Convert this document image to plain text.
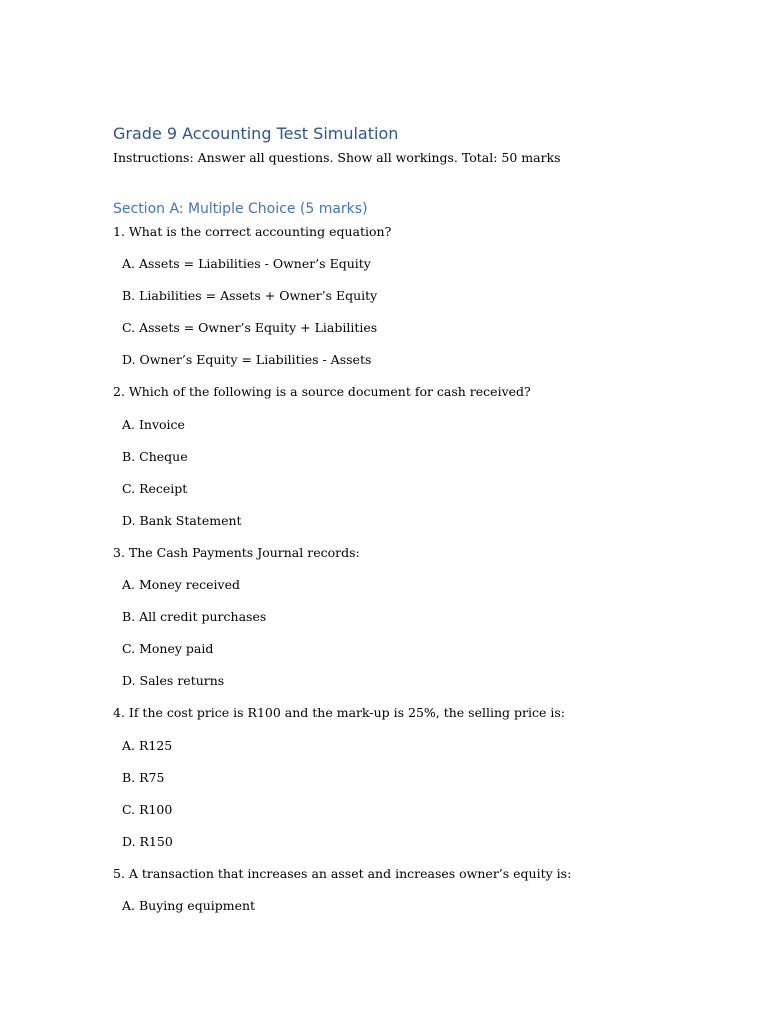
Grade 9 Accounting Test Simulation
Instructions: Answer all questions. Show all workings. Total: 50 marks
Section A: Multiple Choice (5 marks)
1. What is the correct accounting equation?
A. Assets = Liabilities - Owner’s Equity
B. Liabilities = Assets + Owner’s Equity
C. Assets = Owner’s Equity + Liabilities
D. Owner’s Equity = Liabilities - Assets
2. Which of the following is a source document for cash received?
A. Invoice
B. Cheque
C. Receipt
D. Bank Statement
3. The Cash Payments Journal records:
A. Money received
B. All credit purchases
C. Money paid
D. Sales returns
4. If the cost price is R100 and the mark-up is 25%, the selling price is:
A. R125
B. R75
C. R100
D. R150
5. A transaction that increases an asset and increases owner’s equity is:
A. Buying equipment
